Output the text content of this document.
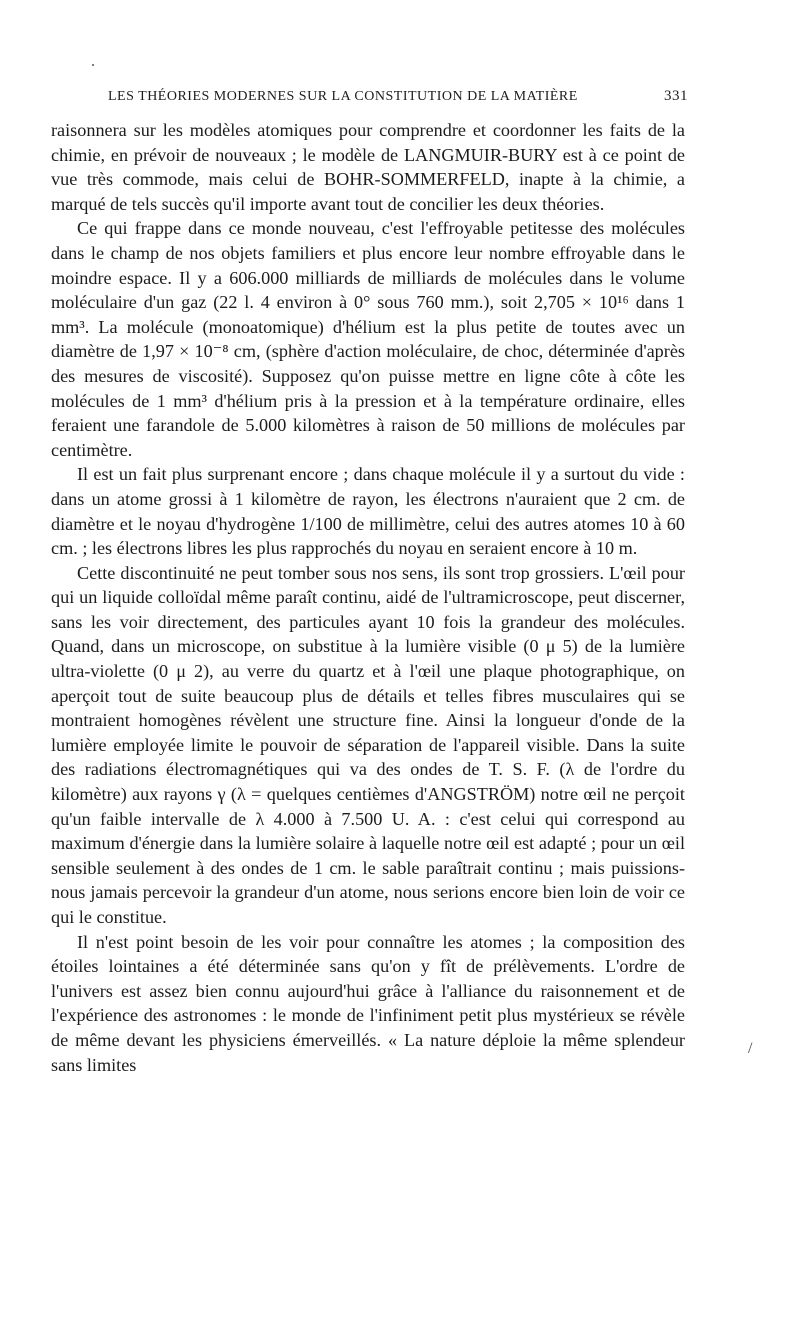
LES THÉORIES MODERNES SUR LA CONSTITUTION DE LA MATIÈRE	331

raisonnera sur les modèles atomiques pour comprendre et coordonner les faits de la chimie, en prévoir de nouveaux ; le modèle de LANGMUIR-BURY est à ce point de vue très commode, mais celui de BOHR-SOMMERFELD, inapte à la chimie, a marqué de tels succès qu'il importe avant tout de concilier les deux théories.

Ce qui frappe dans ce monde nouveau, c'est l'effroyable petitesse des molécules dans le champ de nos objets familiers et plus encore leur nombre effroyable dans le moindre espace. Il y a 606.000 milliards de milliards de molécules dans le volume moléculaire d'un gaz (22 l. 4 environ à 0° sous 760 mm.), soit 2,705 × 10¹⁶ dans 1 mm³. La molécule (monoatomique) d'hélium est la plus petite de toutes avec un diamètre de 1,97 × 10⁻⁸ cm, (sphère d'action moléculaire, de choc, déterminée d'après des mesures de viscosité). Supposez qu'on puisse mettre en ligne côte à côte les molécules de 1 mm³ d'hélium pris à la pression et à la température ordinaire, elles feraient une farandole de 5.000 kilomètres à raison de 50 millions de molécules par centimètre.

Il est un fait plus surprenant encore ; dans chaque molécule il y a surtout du vide : dans un atome grossi à 1 kilomètre de rayon, les électrons n'auraient que 2 cm. de diamètre et le noyau d'hydrogène 1/100 de millimètre, celui des autres atomes 10 à 60 cm. ; les électrons libres les plus rapprochés du noyau en seraient encore à 10 m.

Cette discontinuité ne peut tomber sous nos sens, ils sont trop grossiers. L'œil pour qui un liquide colloïdal même paraît continu, aidé de l'ultramicroscope, peut discerner, sans les voir directement, des particules ayant 10 fois la grandeur des molécules. Quand, dans un microscope, on substitue à la lumière visible (0 μ 5) de la lumière ultra-violette (0 μ 2), au verre du quartz et à l'œil une plaque photographique, on aperçoit tout de suite beaucoup plus de détails et telles fibres musculaires qui se montraient homogènes révèlent une structure fine. Ainsi la longueur d'onde de la lumière employée limite le pouvoir de séparation de l'appareil visible. Dans la suite des radiations électromagnétiques qui va des ondes de T. S. F. (λ de l'ordre du kilomètre) aux rayons γ (λ = quelques centièmes d'ANGSTRÖM) notre œil ne perçoit qu'un faible intervalle de λ 4.000 à 7.500 U. A. : c'est celui qui correspond au maximum d'énergie dans la lumière solaire à laquelle notre œil est adapté ; pour un œil sensible seulement à des ondes de 1 cm. le sable paraîtrait continu ; mais puissions-nous jamais percevoir la grandeur d'un atome, nous serions encore bien loin de voir ce qui le constitue.

Il n'est point besoin de les voir pour connaître les atomes ; la composition des étoiles lointaines a été déterminée sans qu'on y fît de prélèvements. L'ordre de l'univers est assez bien connu aujourd'hui grâce à l'alliance du raisonnement et de l'expérience des astronomes : le monde de l'infiniment petit plus mystérieux se révèle de même devant les physiciens émerveillés. « La nature déploie la même splendeur sans limites

/
